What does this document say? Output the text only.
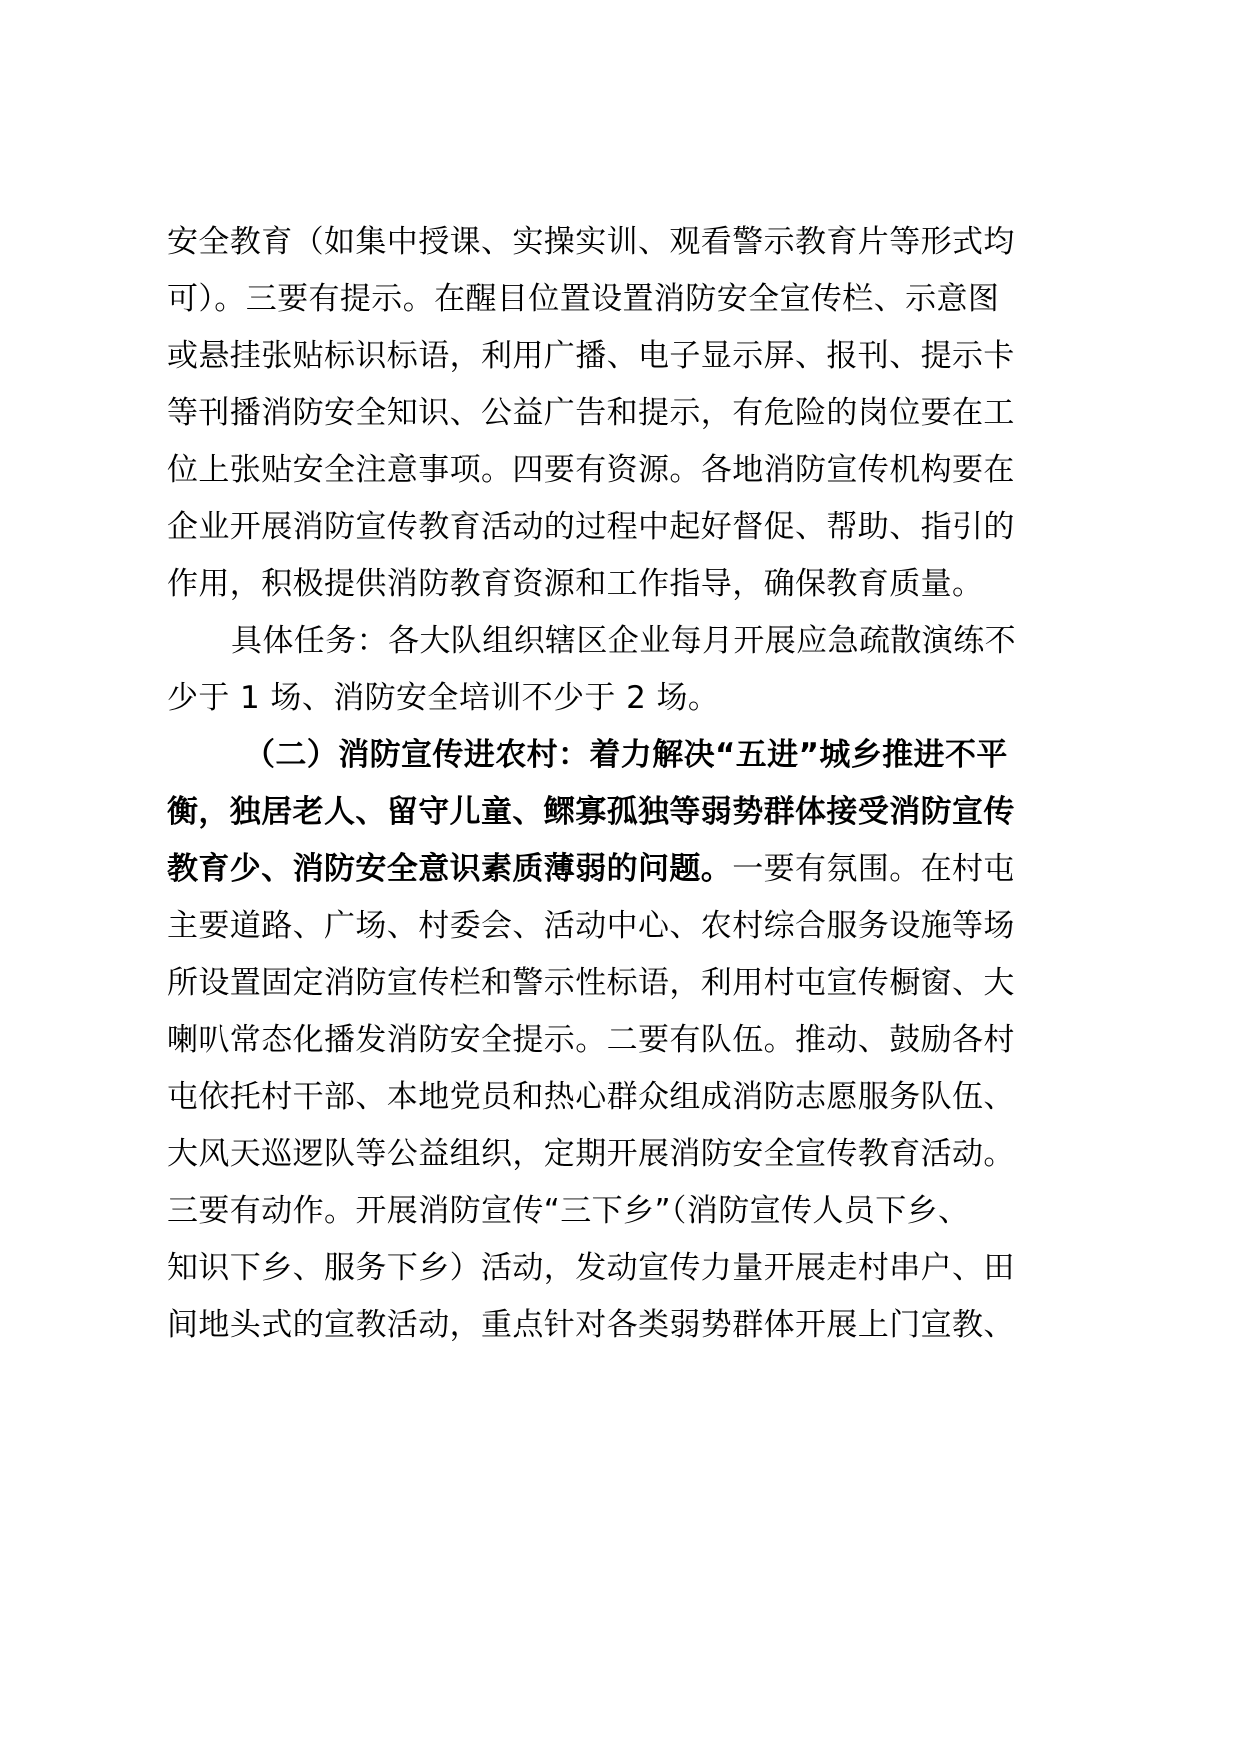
安全教育（如集中授课、实操实训、观看警示教育片等形式均
可）。三要有提示。在醒目位置设置消防安全宣传栏、示意图
或悬挂张贴标识标语，利用广播、电子显示屏、报刊、提示卡
等刊播消防安全知识、公益广告和提示，有危险的岗位要在工
位上张贴安全注意事项。四要有资源。各地消防宣传机构要在
企业开展消防宣传教育活动的过程中起好督促、帮助、指引的
作用，积极提供消防教育资源和工作指导，确保教育质量。
具体任务：各大队组织辖区企业每月开展应急疏散演练不
少于 1 场、消防安全培训不少于 2 场。
（二）消防宣传进农村：着力解决“五进”城乡推进不平
衡，独居老人、留守儿童、鳏寡孤独等弱势群体接受消防宣传
教育少、消防安全意识素质薄弱的问题。一要有氛围。在村屯
主要道路、广场、村委会、活动中心、农村综合服务设施等场
所设置固定消防宣传栏和警示性标语，利用村屯宣传橱窗、大
喇叭常态化播发消防安全提示。二要有队伍。推动、鼓励各村
屯依托村干部、本地党员和热心群众组成消防志愿服务队伍、
大风天巡逻队等公益组织，定期开展消防安全宣传教育活动。
三要有动作。开展消防宣传“三下乡”（消防宣传人员下乡、
知识下乡、服务下乡）活动，发动宣传力量开展走村串户、田
间地头式的宣教活动，重点针对各类弱势群体开展上门宣教、
